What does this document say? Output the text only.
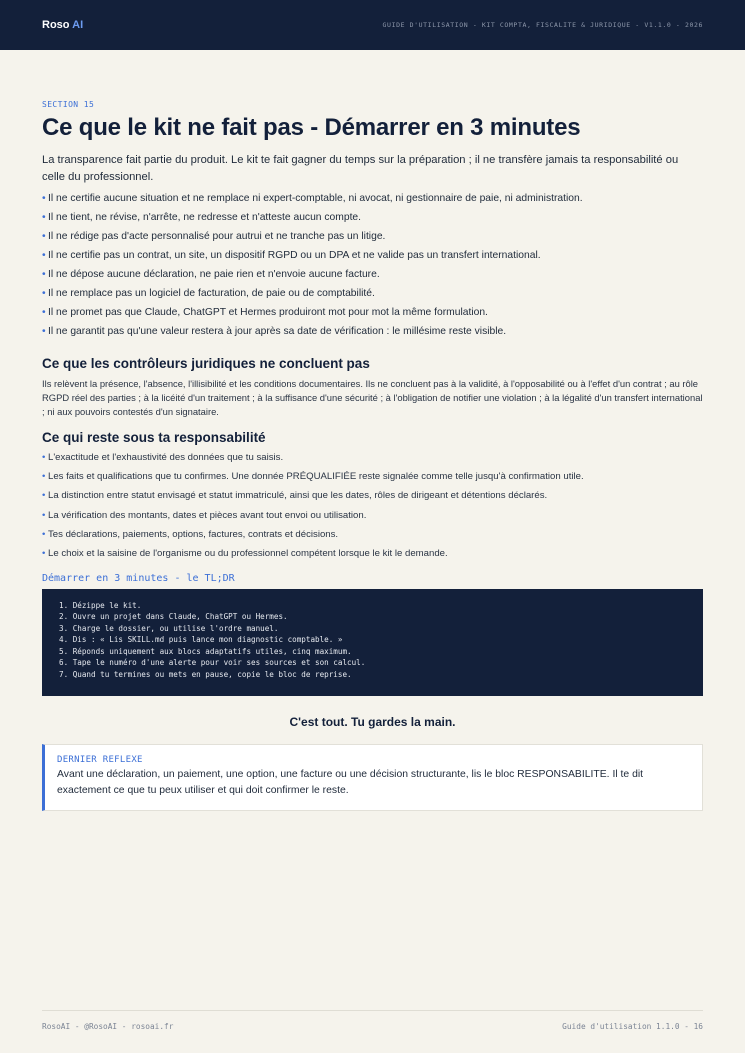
Roso AI	GUIDE D'UTILISATION - KIT COMPTA, FISCALITE & JURIDIQUE - V1.1.0 - 2026
SECTION 15
Ce que le kit ne fait pas - Démarrer en 3 minutes

La transparence fait partie du produit. Le kit te fait gagner du temps sur la préparation ; il ne transfère jamais ta responsabilité ou celle du professionnel.

• Il ne certifie aucune situation et ne remplace ni expert-comptable, ni avocat, ni gestionnaire de paie, ni administration.
• Il ne tient, ne révise, n'arrête, ne redresse et n'atteste aucun compte.
• Il ne rédige pas d'acte personnalisé pour autrui et ne tranche pas un litige.
• Il ne certifie pas un contrat, un site, un dispositif RGPD ou un DPA et ne valide pas un transfert international.
• Il ne dépose aucune déclaration, ne paie rien et n'envoie aucune facture.
• Il ne remplace pas un logiciel de facturation, de paie ou de comptabilité.
• Il ne promet pas que Claude, ChatGPT et Hermes produiront mot pour mot la même formulation.
• Il ne garantit pas qu'une valeur restera à jour après sa date de vérification : le millésime reste visible.
Ce que les contrôleurs juridiques ne concluent pas

Ils relèvent la présence, l'absence, l'illisibilité et les conditions documentaires. Ils ne concluent pas à la validité, à l'opposabilité ou à l'effet d'un contrat ; au rôle RGPD réel des parties ; à la licéité d'un traitement ; à la suffisance d'une sécurité ; à l'obligation de notifier une violation ; à la légalité d'un transfert international ; ni aux pouvoirs contestés d'un signataire.

Ce qui reste sous ta responsabilité
• L'exactitude et l'exhaustivité des données que tu saisis.
• Les faits et qualifications que tu confirmes. Une donnée PRÉQUALIFIÉE reste signalée comme telle jusqu'à confirmation utile.
• La distinction entre statut envisagé et statut immatriculé, ainsi que les dates, rôles de dirigeant et détentions déclarés.
• La vérification des montants, dates et pièces avant tout envoi ou utilisation.
• Tes déclarations, paiements, options, factures, contrats et décisions.
• Le choix et la saisine de l'organisme ou du professionnel compétent lorsque le kit le demande.
Démarrer en 3 minutes - le TL;DR
1. Dézippe le kit.
2. Ouvre un projet dans Claude, ChatGPT ou Hermes.
3. Charge le dossier, ou utilise l'ordre manuel.
4. Dis : « Lis SKILL.md puis lance mon diagnostic comptable. »
5. Réponds uniquement aux blocs adaptatifs utiles, cinq maximum.
6. Tape le numéro d'une alerte pour voir ses sources et son calcul.
7. Quand tu termines ou mets en pause, copie le bloc de reprise.
C'est tout. Tu gardes la main.
DERNIER REFLEXE
Avant une déclaration, un paiement, une option, une facture ou une décision structurante, lis le bloc RESPONSABILITE. Il te dit exactement ce que tu peux utiliser et qui doit confirmer le reste.
RosoAI - @RosoAI - rosoai.fr	Guide d'utilisation 1.1.0 - 16
